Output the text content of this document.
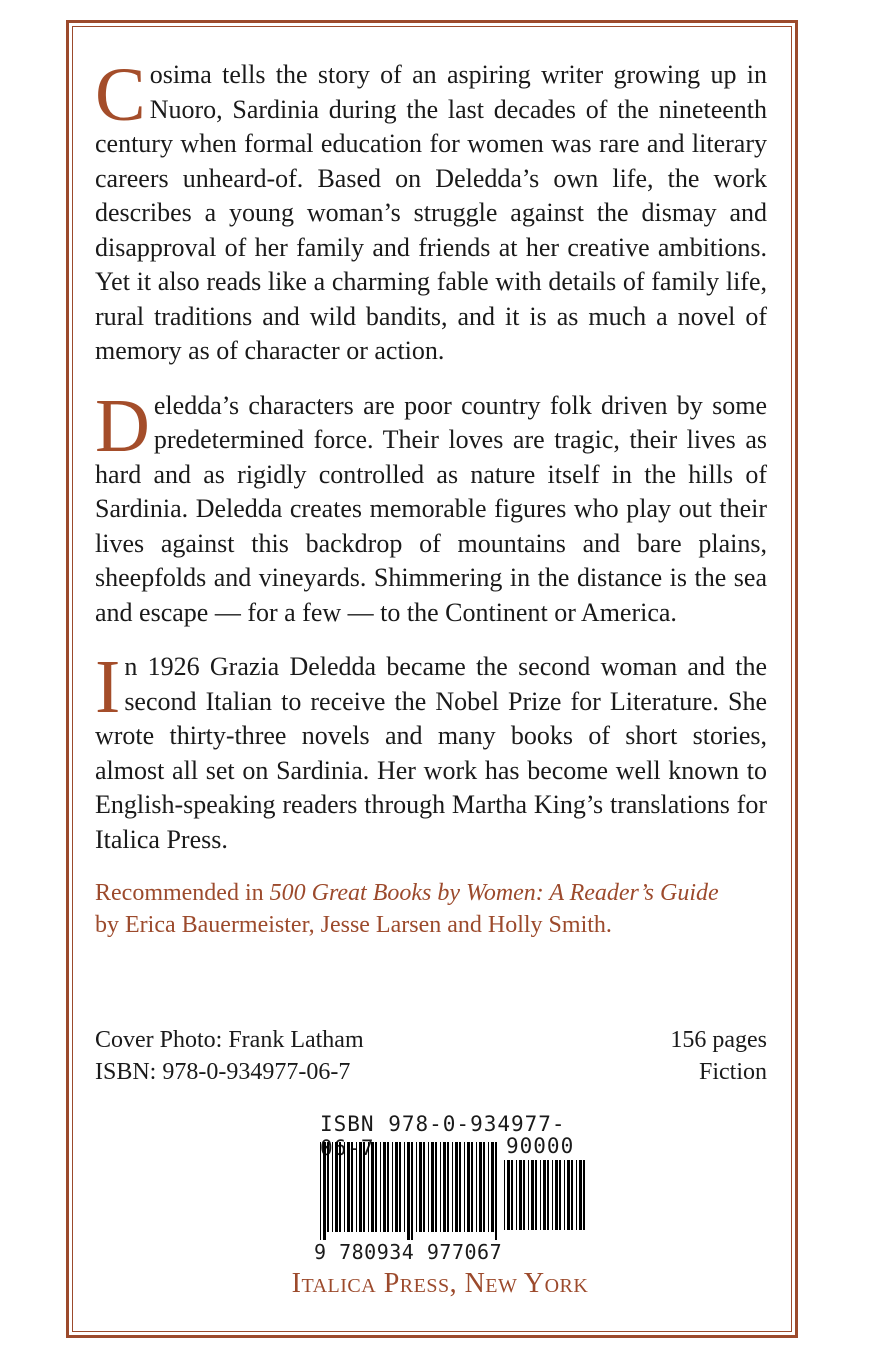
Cosima tells the story of an aspiring writer growing up in Nuoro, Sardinia during the last decades of the nineteenth century when formal education for women was rare and literary careers unheard-of. Based on Deledda’s own life, the work describes a young woman’s struggle against the dismay and disapproval of her family and friends at her creative ambitions. Yet it also reads like a charming fable with details of family life, rural traditions and wild bandits, and it is as much a novel of memory as of character or action.

Deledda’s characters are poor country folk driven by some predetermined force. Their loves are tragic, their lives as hard and as rigidly controlled as nature itself in the hills of Sardinia. Deledda creates memorable figures who play out their lives against this backdrop of mountains and bare plains, sheepfolds and vineyards. Shimmering in the distance is the sea and escape — for a few — to the Continent or America.

In 1926 Grazia Deledda became the second woman and the second Italian to receive the Nobel Prize for Literature. She wrote thirty-three novels and many books of short stories, almost all set on Sardinia. Her work has become well known to English-speaking readers through Martha King’s translations for Italica Press.

Recommended in 500 Great Books by Women: A Reader’s Guide
by Erica Bauermeister, Jesse Larsen and Holly Smith.
Cover Photo: Frank Latham
ISBN: 978-0-934977-06-7
156 pages
Fiction
ISBN 978-0-934977-06-7	90000
9 780934 977067
Italica Press, New York
